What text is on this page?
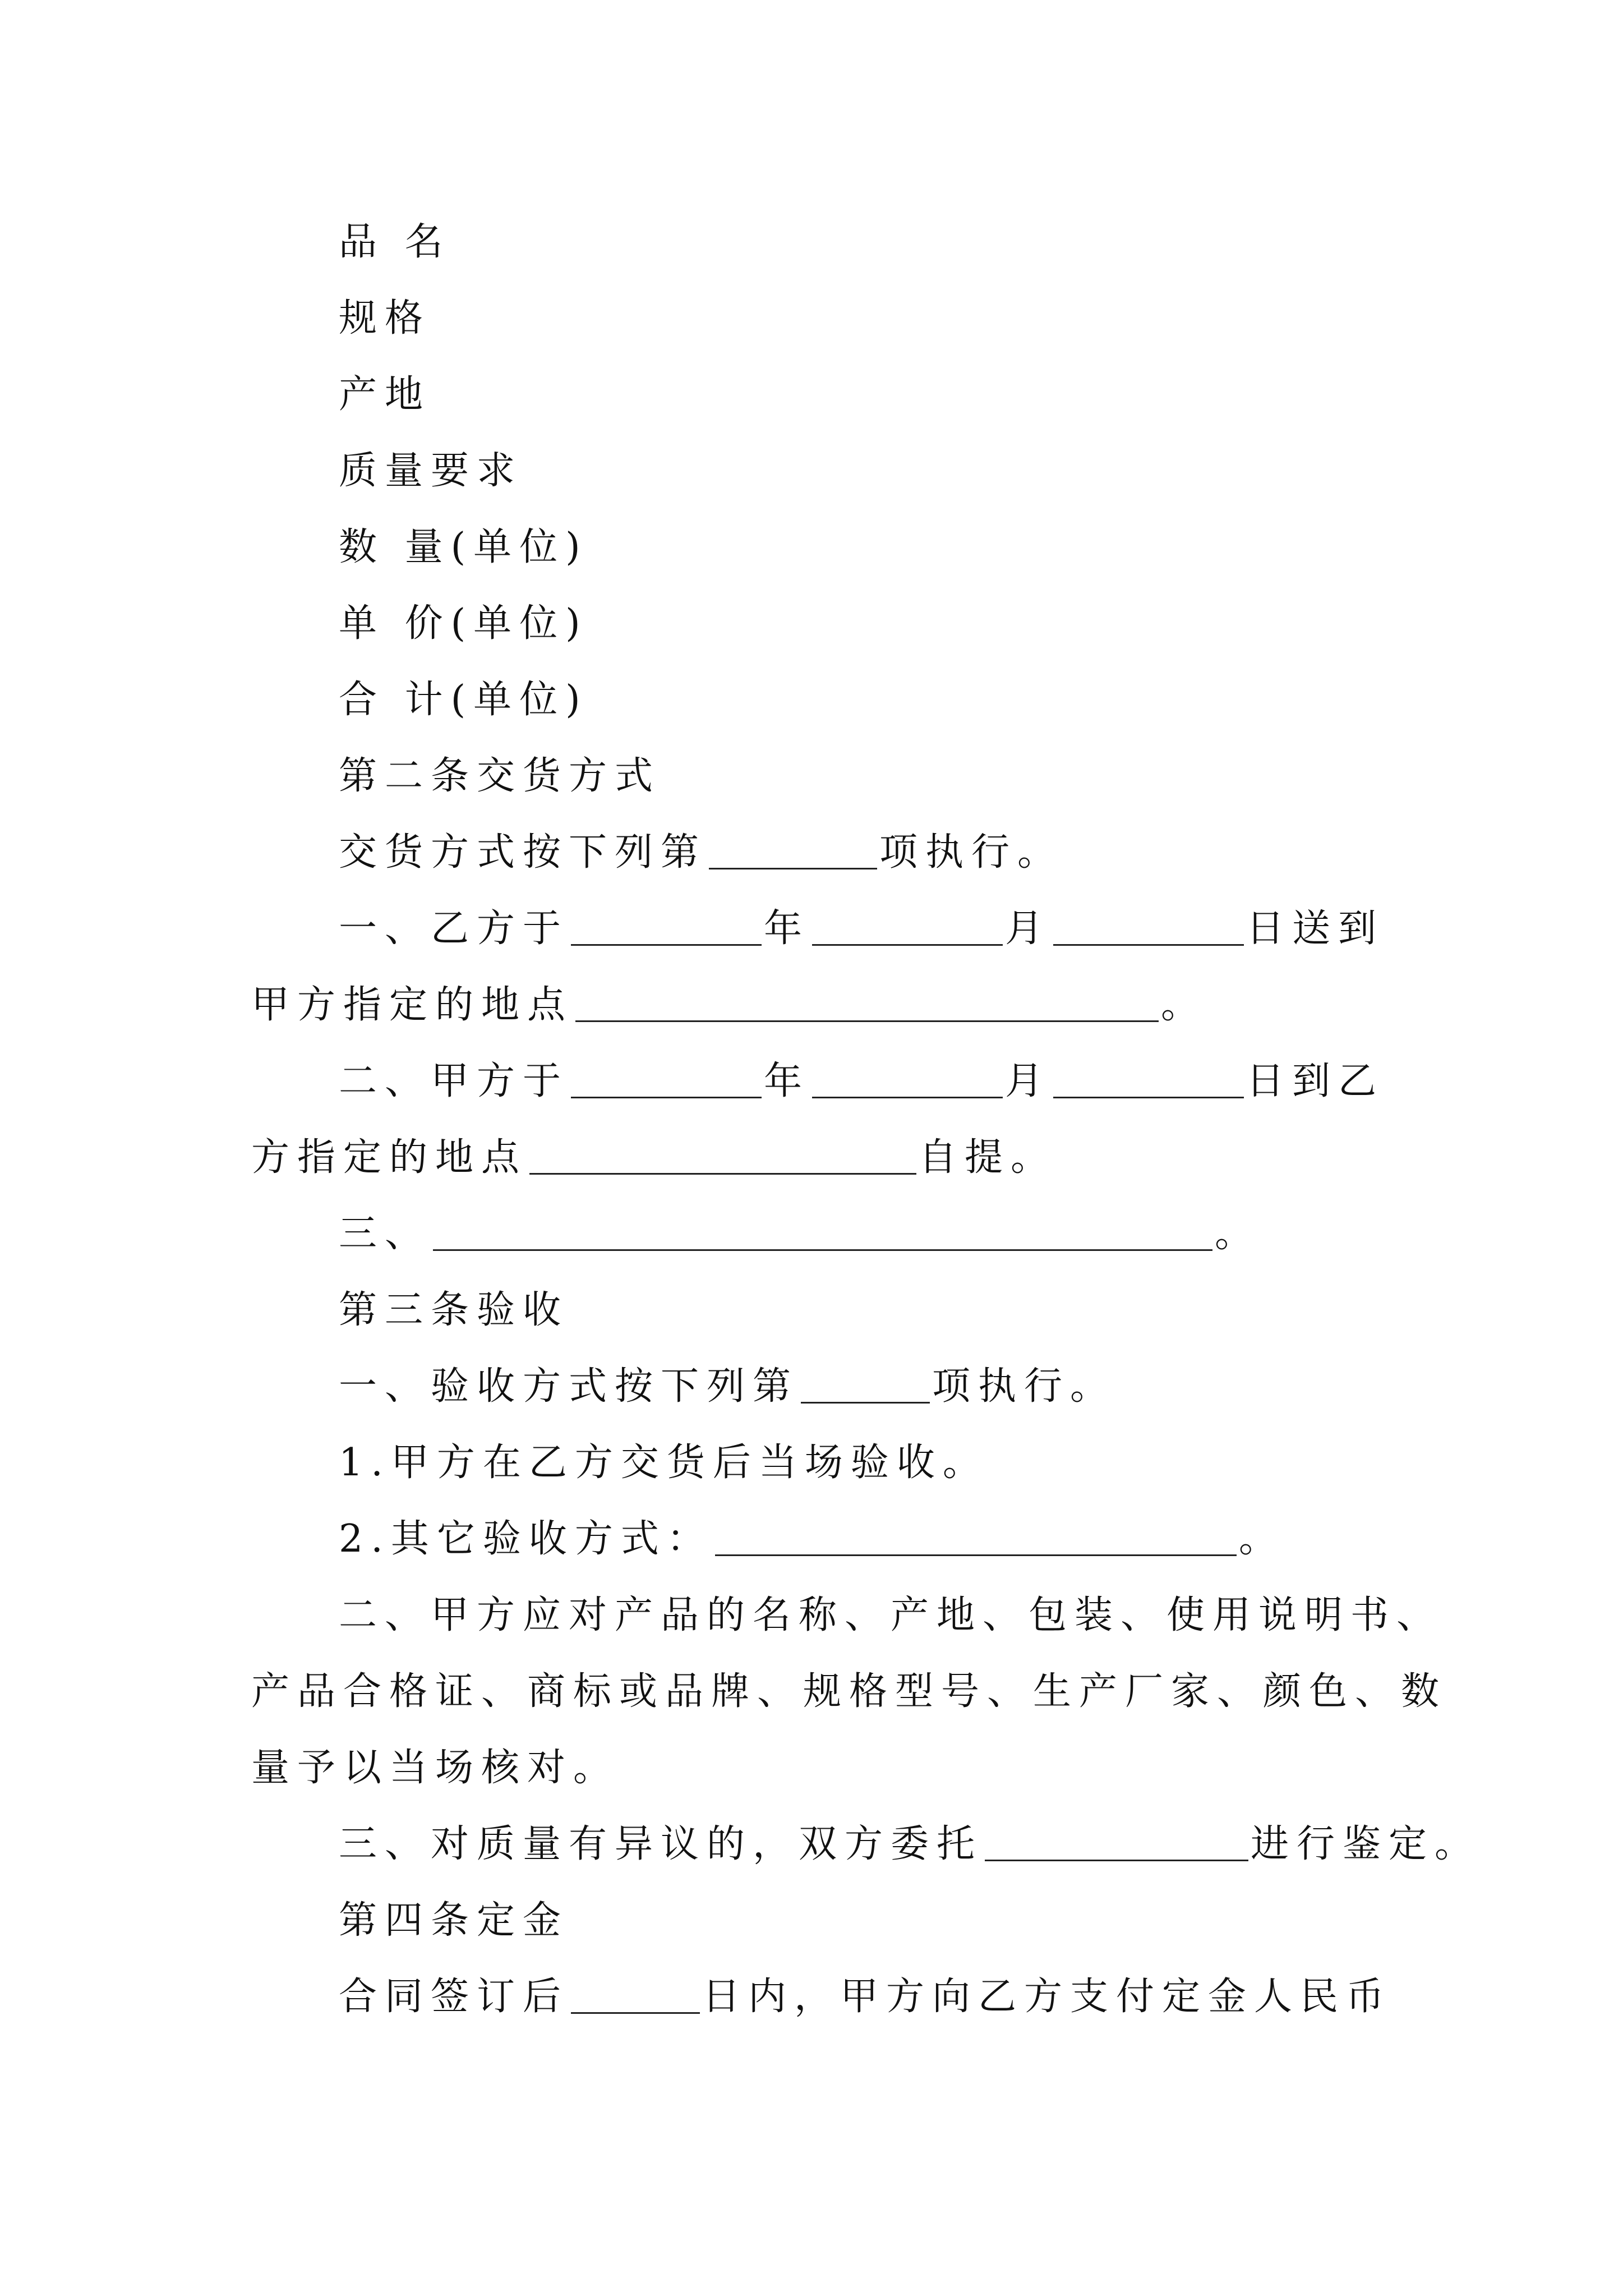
品 名
规格
产地
质量要求
数 量(单位)
单 价(单位)
合 计(单位)
第二条交货方式
交货方式按下列第	项执行。
一、乙方于	年	月	日送到
甲方指定的地点	。
二、甲方于	年	月	日到乙
方指定的地点	自提。
三、	。
第三条验收
一、验收方式按下列第	项执行。
1.甲方在乙方交货后当场验收。
2.其它验收方式：	。
二、甲方应对产品的名称、产地、包装、使用说明书、
产品合格证、商标或品牌、规格型号、生产厂家、颜色、数
量予以当场核对。
三、对质量有异议的，双方委托	进行鉴定。
第四条定金
合同签订后	日内，甲方向乙方支付定金人民币
